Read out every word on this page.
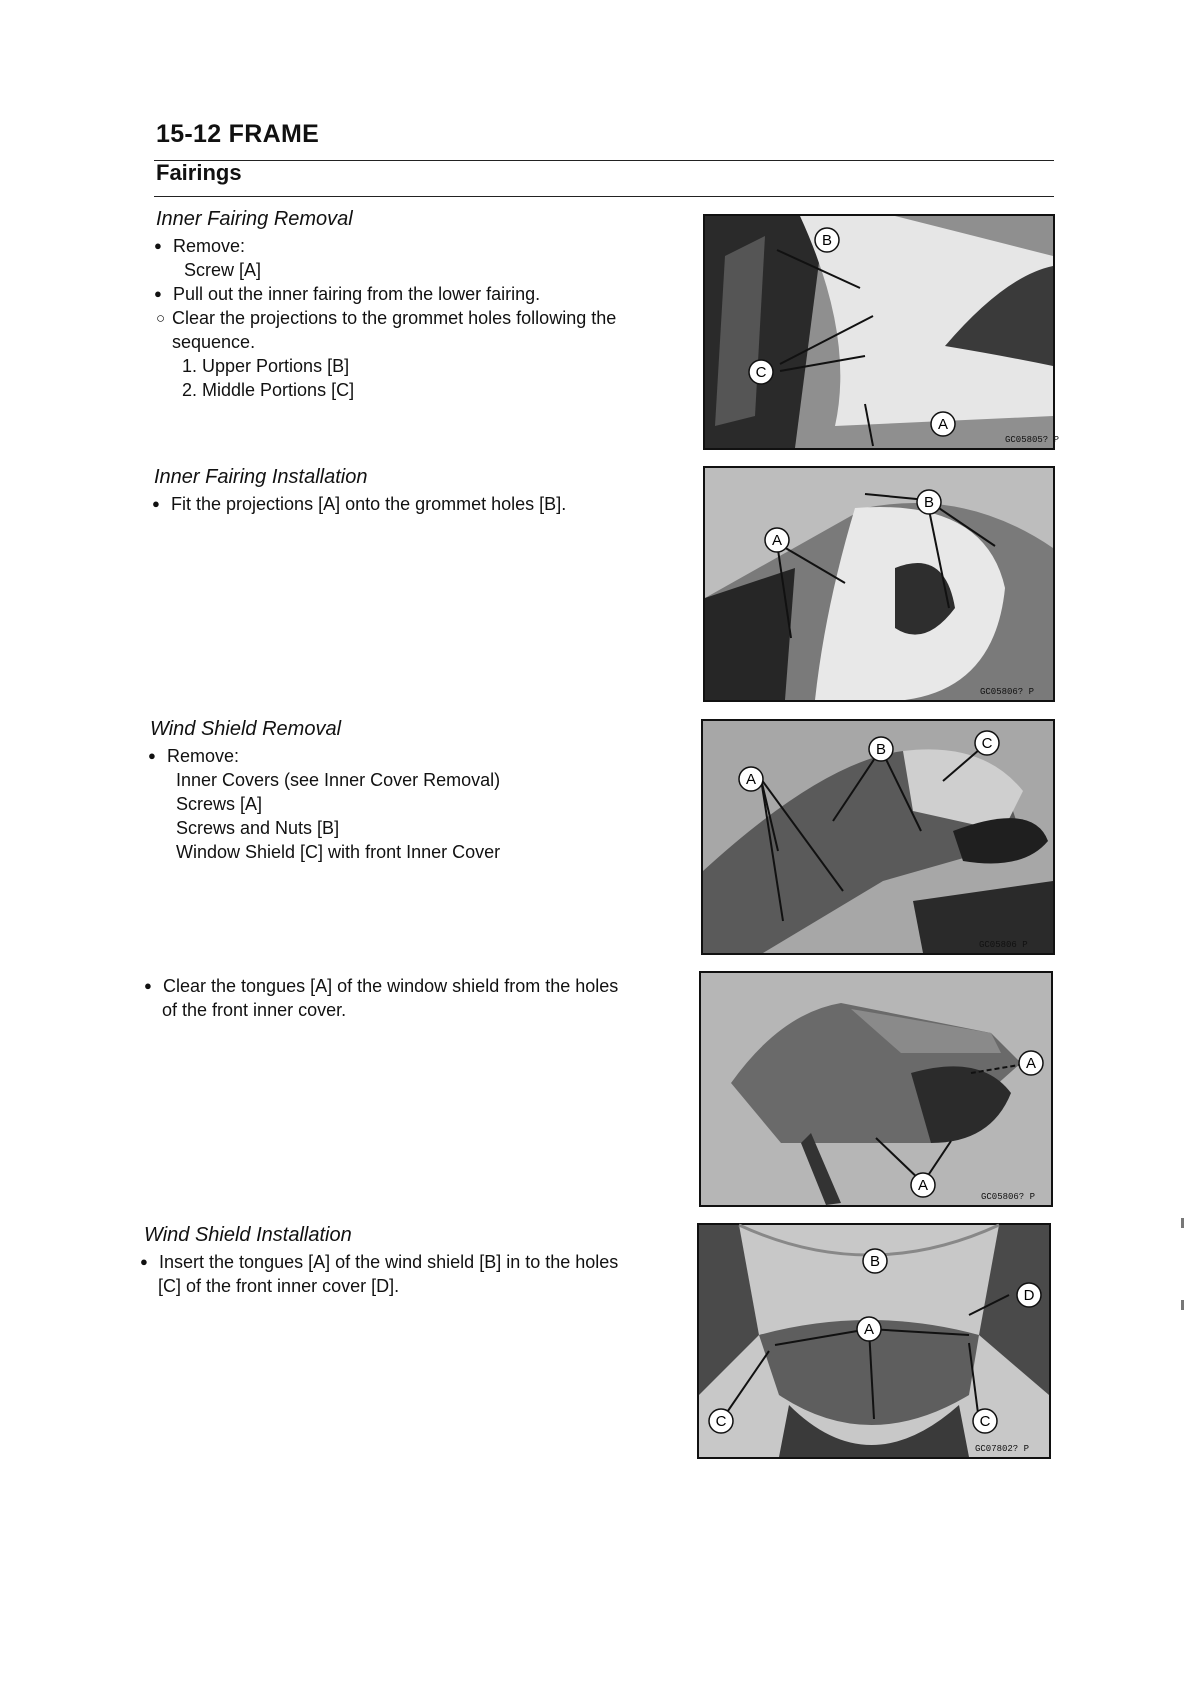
15-12 FRAME
Fairings
Inner Fairing Removal
● Remove:
Screw [A]
● Pull out the inner fairing from the lower fairing.
○ Clear the projections to the grommet holes following the
sequence.
1. Upper Portions [B]
2. Middle Portions [C]
Inner Fairing Installation
● Fit the projections [A] onto the grommet holes [B].
Wind Shield Removal
● Remove:
Inner Covers (see Inner Cover Removal)
Screws [A]
Screws and Nuts [B]
Window Shield [C] with front Inner Cover
● Clear the tongues [A] of the window shield from the holes
of the front inner cover.
Wind Shield Installation
● Insert the tongues [A] of the wind shield [B] in to the holes
[C] of the front inner cover [D].
B
C
A
GC05805? P
B
A
GC05806? P
B	C
A
GC05806 P
A
A
GC05806? P
B
D
A
C	C
GC07802? P
